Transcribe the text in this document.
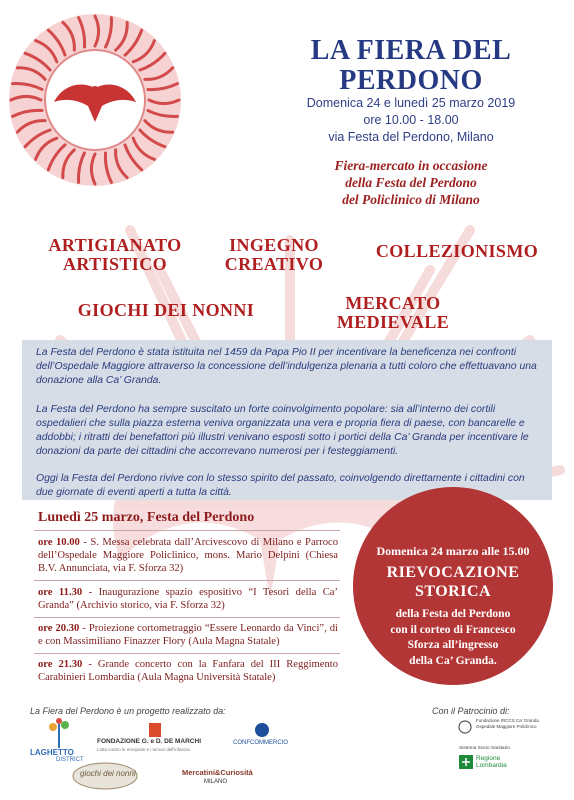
LA FIERA DEL
PERDONO
Domenica 24 e lunedì 25 marzo 2019
ore 10.00 - 18.00
via Festa del Perdono, Milano
Fiera-mercato in occasione
della Festa del Perdono
del Policlinico di Milano
ARTIGIANATO
ARTISTICO
INGEGNO
CREATIVO
COLLEZIONISMO
GIOCHI DEI NONNI	MERCATO
MEDIEVALE
La Festa del Perdono è stata istituita nel 1459 da Papa Pio II per incentivare la beneficenza nei confronti dell’Ospedale Maggiore attraverso la concessione dell’indulgenza plenaria a tutti coloro che effettuavano una donazione alla Ca’ Granda.
La Festa del Perdono ha sempre suscitato un forte coinvolgimento popolare: sia all’interno dei cortili ospedalieri che sulla piazza esterna veniva organizzata una vera e propria fiera di paese, con bancarelle e addobbi; i ritratti dei benefattori più illustri venivano esposti sotto i portici della Ca’ Granda per incentivare le donazioni da parte dei cittadini che accorrevano numerosi per i festeggiamenti.
Oggi la Festa del Perdono rivive con lo stesso spirito del passato, coinvolgendo direttamente i cittadini con due giornate di eventi aperti a tutta la città.
Lunedì 25 marzo, Festa del Perdono
ore 10.00 - S. Messa celebrata dall’Arcivescovo di Milano e Parroco dell’Ospedale Maggiore Policlinico, mons. Mario Delpini (Chiesa B.V. Annunciata, via F. Sforza 32)
ore 11.30 - Inaugurazione spazio espositivo “I Tesori della Ca’ Granda” (Archivio storico, via F. Sforza 32)
ore 20.30 - Proiezione cortometraggio “Essere Leonardo da Vinci”, di e con Massimiliano Finazzer Flory (Aula Magna Statale)
ore 21.30 - Grande concerto con la Fanfara del III Reggimento Carabinieri Lombardia (Aula Magna Università Statale)
Domenica 24 marzo alle 15.00
RIEVOCAZIONE
STORICA
della Festa del Perdono
con il corteo di Francesco
Sforza all’ingresso
della Ca’ Granda.
La Fiera del Perdono è un progetto realizzato da:	Con il Patrocinio di:
LAGHETTO
DISTRICT
FONDAZIONE G. e D. DE MARCHI
Lotta contro le emopatie e i tumori dell’infanzia
CONFCOMMERCIO
giochi dei nonni	Mercatini&Curiosità
MILANO
Fondazione IRCCS Ca’ Granda Ospedale Maggiore Policlinico
Sistema Socio Sanitario
Regione
Lombardia
